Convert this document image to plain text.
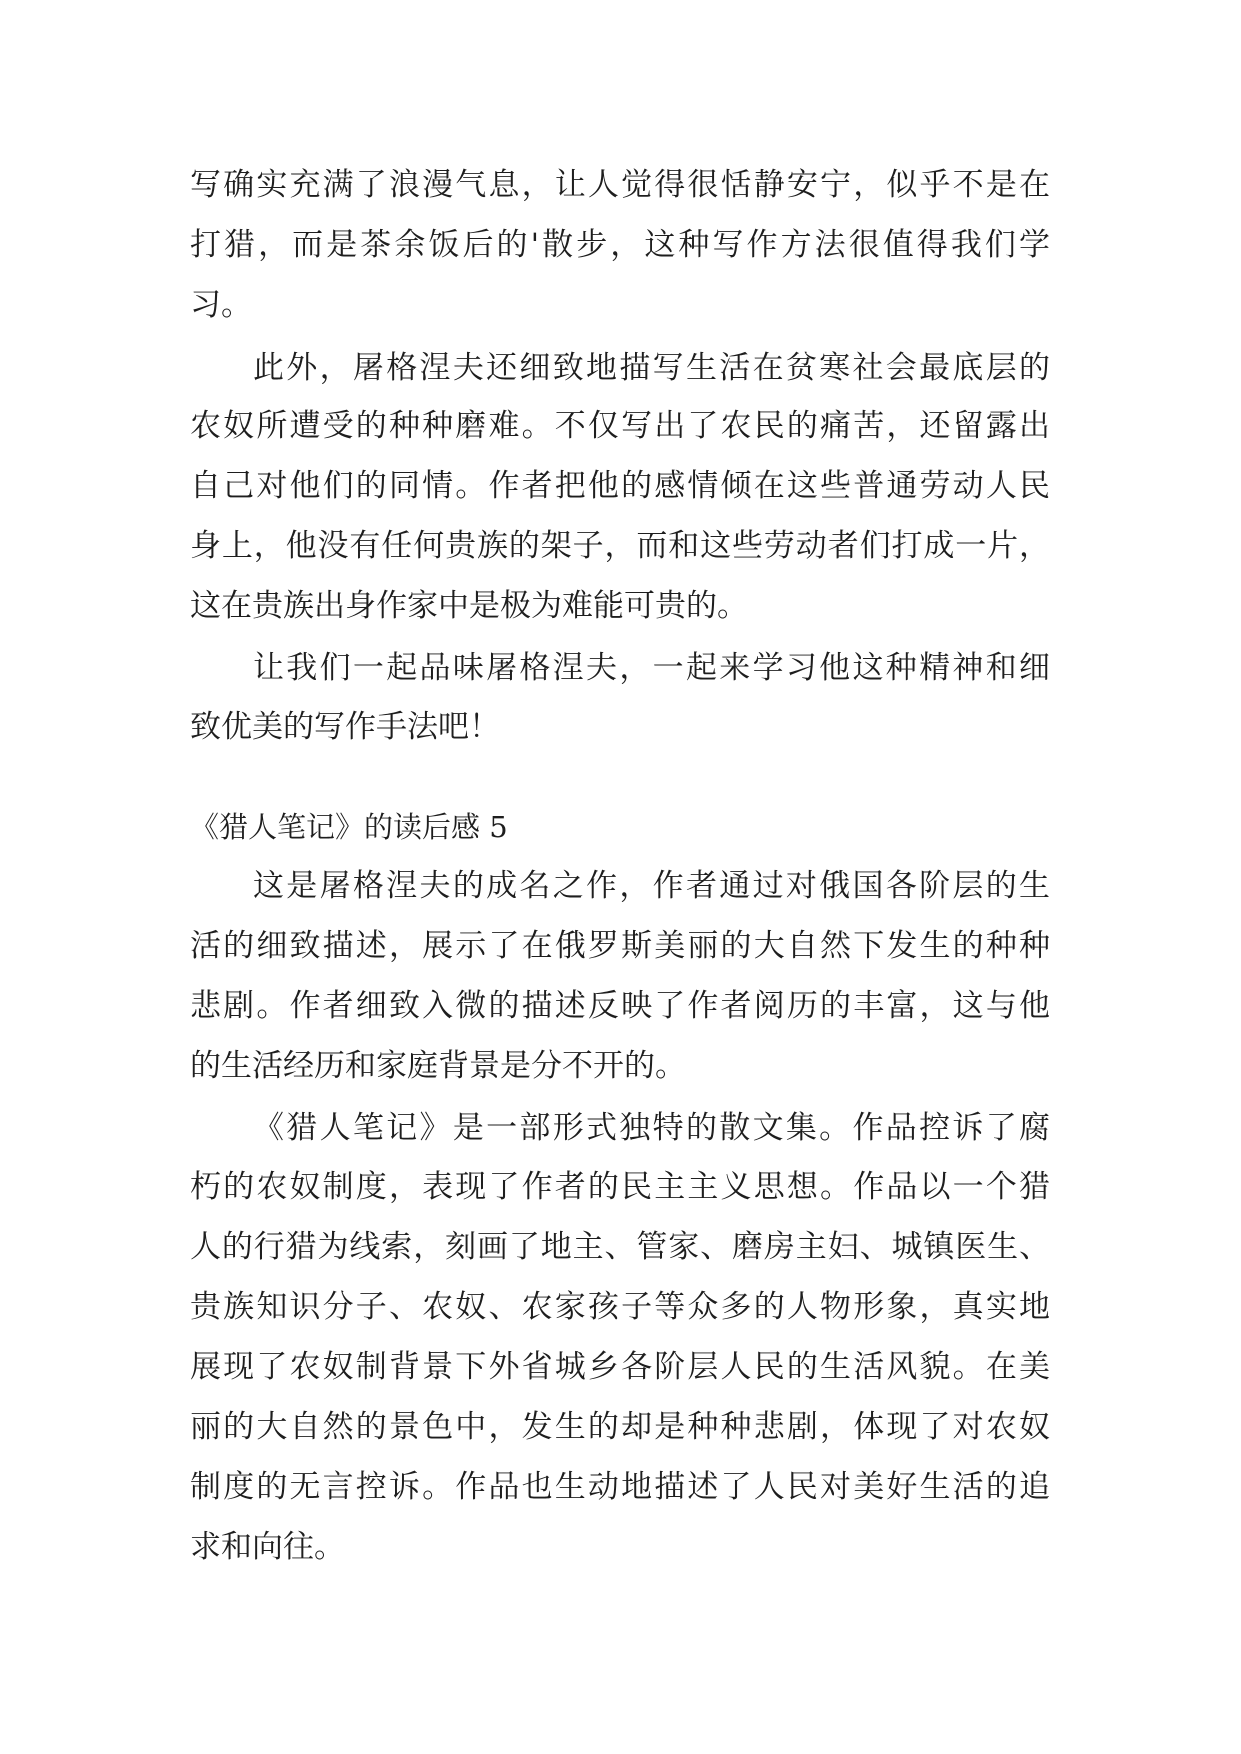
写确实充满了浪漫气息，让人觉得很恬静安宁，似乎不是在

打猎，而是茶余饭后的'散步，这种写作方法很值得我们学

习。

此外，屠格涅夫还细致地描写生活在贫寒社会最底层的

农奴所遭受的种种磨难。不仅写出了农民的痛苦，还留露出

自己对他们的同情。作者把他的感情倾在这些普通劳动人民

身上，他没有任何贵族的架子，而和这些劳动者们打成一片，

这在贵族出身作家中是极为难能可贵的。

让我们一起品味屠格涅夫，一起来学习他这种精神和细

致优美的写作手法吧！

《猎人笔记》的读后感 5

这是屠格涅夫的成名之作，作者通过对俄国各阶层的生

活的细致描述，展示了在俄罗斯美丽的大自然下发生的种种

悲剧。作者细致入微的描述反映了作者阅历的丰富，这与他

的生活经历和家庭背景是分不开的。

《猎人笔记》是一部形式独特的散文集。作品控诉了腐

朽的农奴制度，表现了作者的民主主义思想。作品以一个猎

人的行猎为线索，刻画了地主、管家、磨房主妇、城镇医生、

贵族知识分子、农奴、农家孩子等众多的人物形象，真实地

展现了农奴制背景下外省城乡各阶层人民的生活风貌。在美

丽的大自然的景色中，发生的却是种种悲剧，体现了对农奴

制度的无言控诉。作品也生动地描述了人民对美好生活的追

求和向往。
